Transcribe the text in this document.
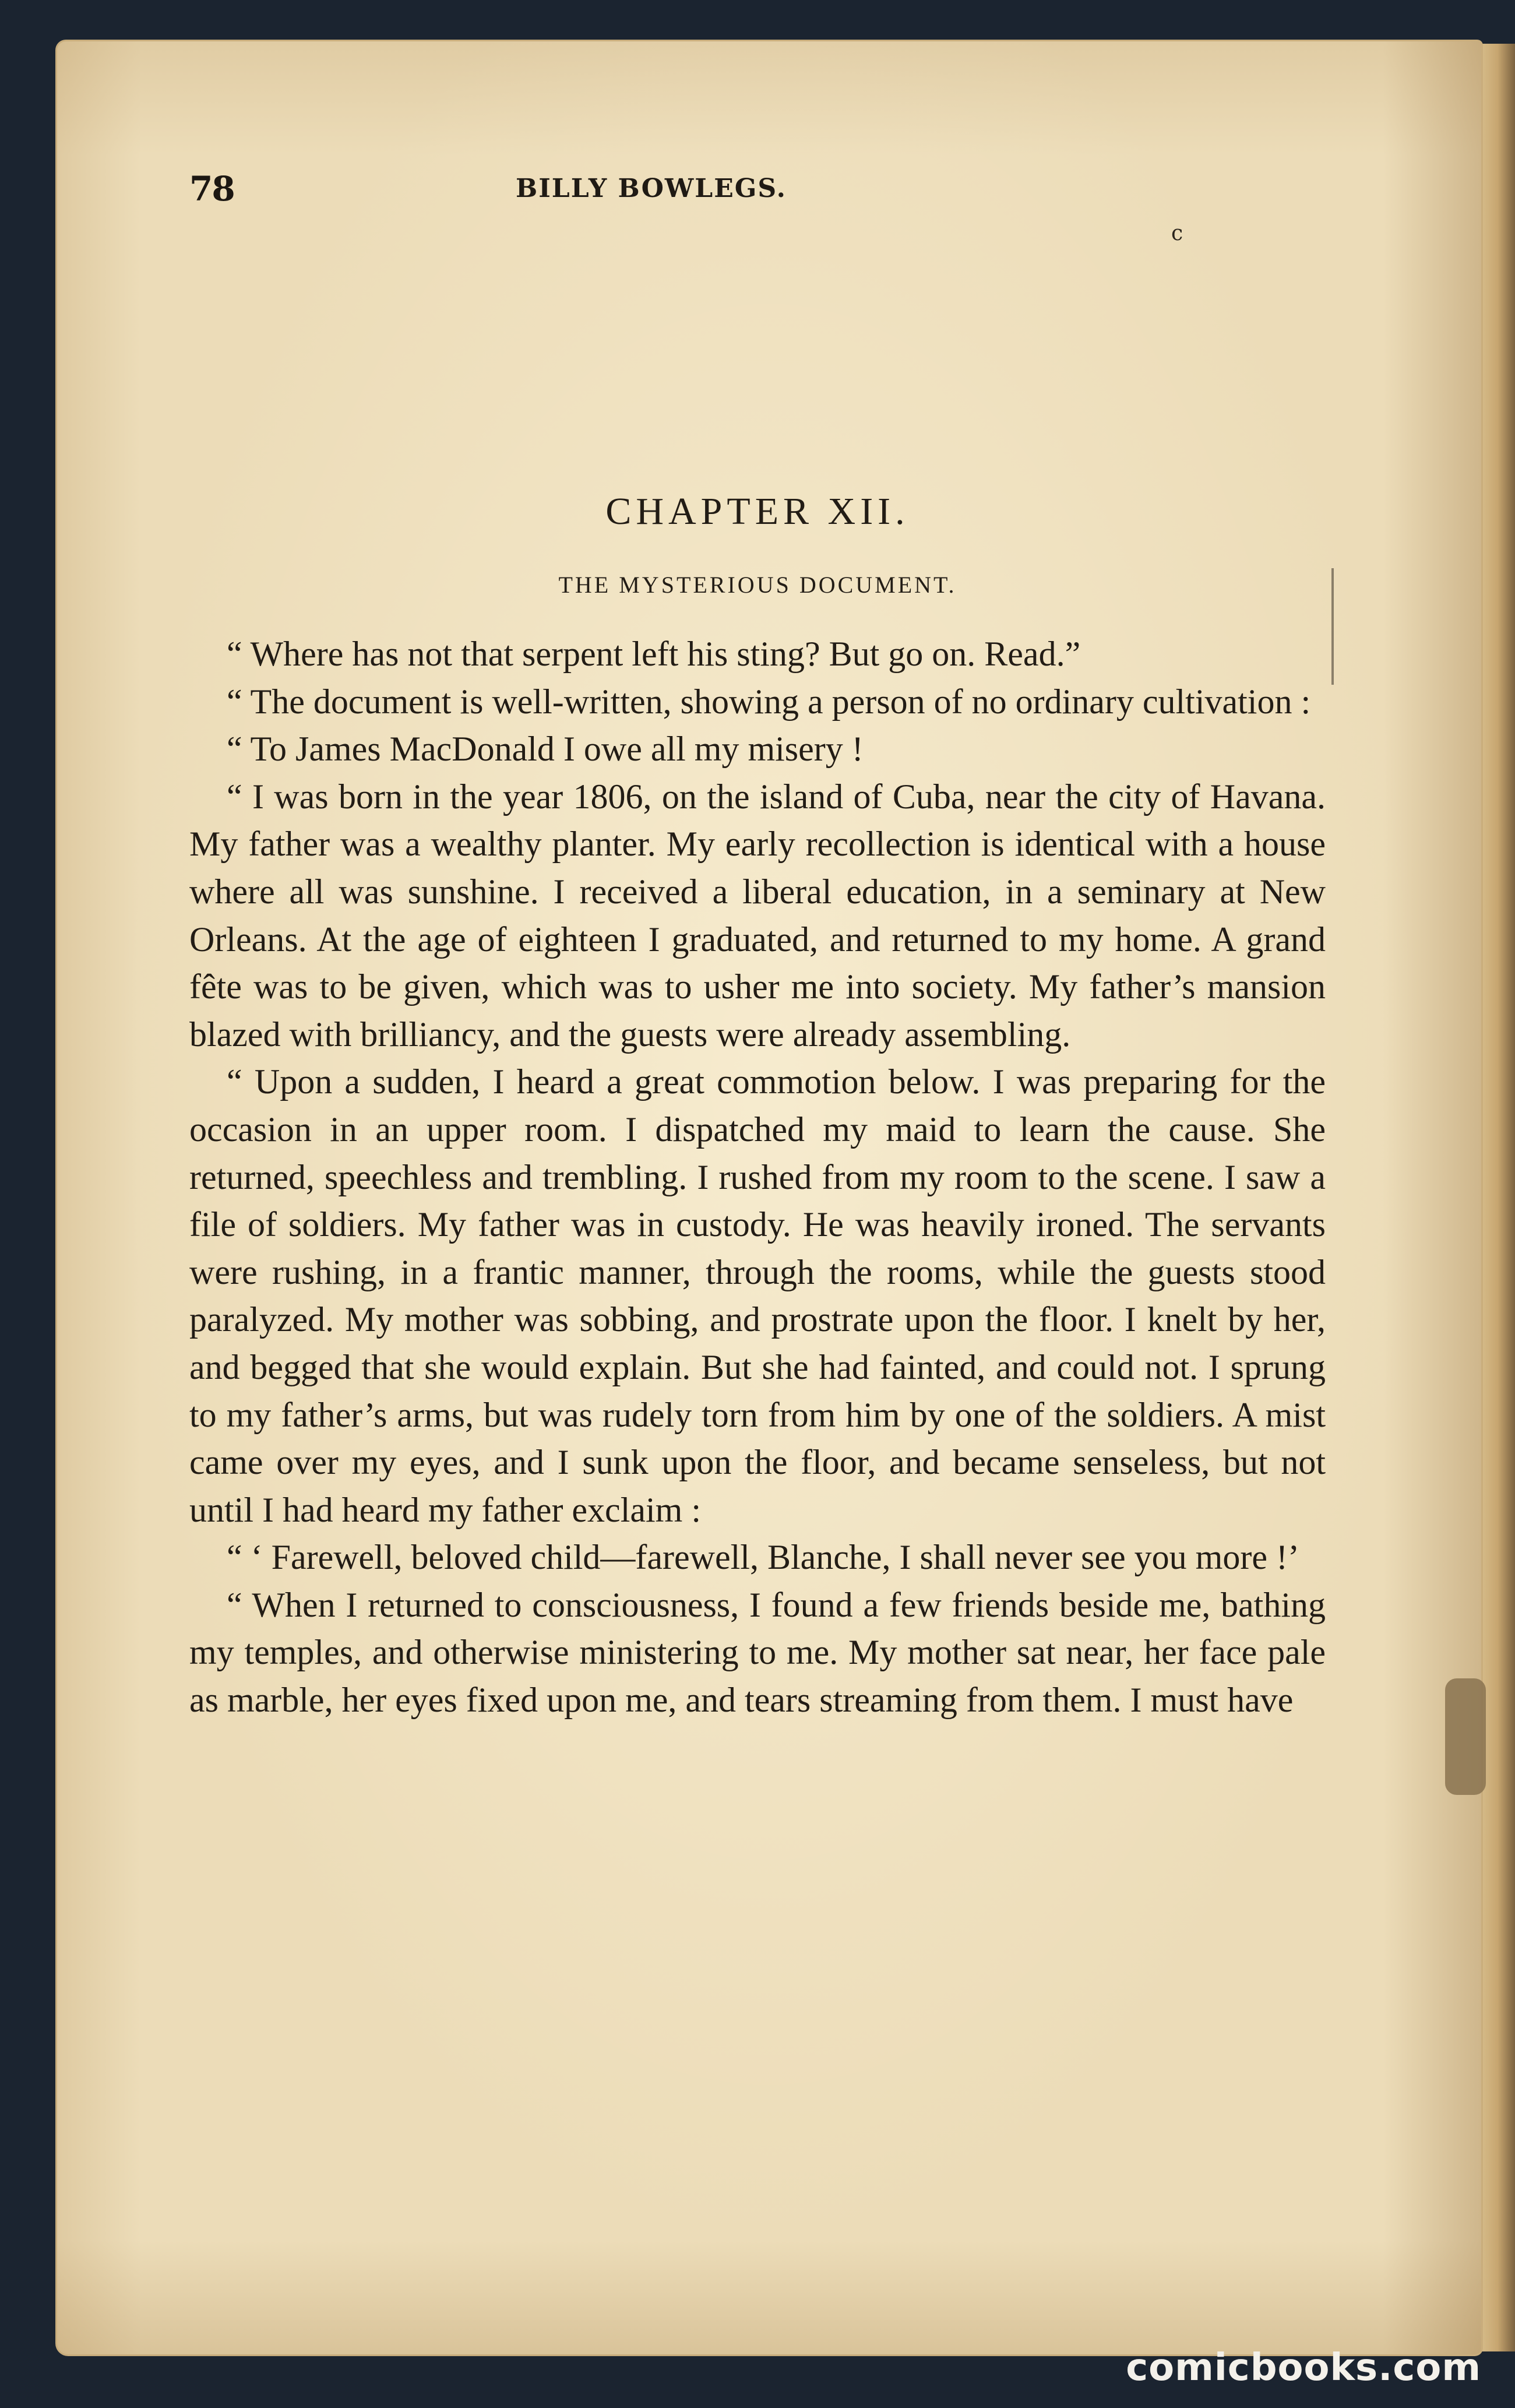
78	BILLY BOWLEGS.
c
CHAPTER XII.
THE MYSTERIOUS DOCUMENT.

“ Where has not that serpent left his sting? But go on. Read.”

“ The document is well-written, showing a person of no ordinary cultivation :

“ To James MacDonald I owe all my misery !

“ I was born in the year 1806, on the island of Cuba, near the city of Havana. My father was a wealthy planter. My early recollection is identical with a house where all was sunshine. I received a liberal education, in a seminary at New Orleans. At the age of eighteen I graduated, and returned to my home. A grand fête was to be given, which was to usher me into society. My father’s mansion blazed with brilliancy, and the guests were already assembling.

“ Upon a sudden, I heard a great commotion below. I was preparing for the occasion in an upper room. I dispatched my maid to learn the cause. She returned, speechless and trembling. I rushed from my room to the scene. I saw a file of soldiers. My father was in custody. He was heavily ironed. The servants were rushing, in a frantic manner, through the rooms, while the guests stood paralyzed. My mother was sobbing, and prostrate upon the floor. I knelt by her, and begged that she would explain. But she had fainted, and could not. I sprung to my father’s arms, but was rudely torn from him by one of the soldiers. A mist came over my eyes, and I sunk upon the floor, and became senseless, but not until I had heard my father exclaim :

“ ‘ Farewell, beloved child—farewell, Blanche, I shall never see you more !’

“ When I returned to consciousness, I found a few friends beside me, bathing my temples, and otherwise ministering to me. My mother sat near, her face pale as marble, her eyes fixed upon me, and tears streaming from them. I must have

comicbooks.com
